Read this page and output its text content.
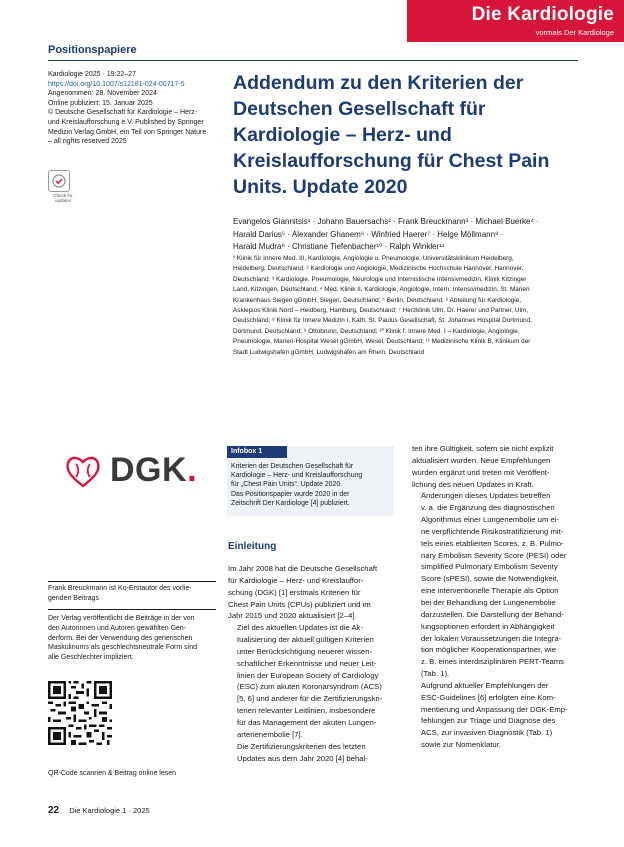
Die Kardiologie
vormals Der Kardiologe
Positionspapiere
Kardiologie 2025 · 19:22–27
https://doi.org/10.1007/s12181-024-00717-5
Angenommen: 28. November 2024
Online publiziert: 15. Januar 2025
© Deutsche Gesellschaft für Kardiologie – Herz-
und Kreislaufforschung e.V. Published by Springer
Medizin Verlag GmbH, ein Teil von Springer Nature
– all rights reserved 2025
Check for updates
Addendum zu den Kriterien der Deutschen Gesellschaft für Kardiologie – Herz- und Kreislaufforschung für Chest Pain Units. Update 2020
Evangelos Giannitsis¹ · Johann Bauersachs² · Frank Breuckmann³ · Michael Buerke⁴ ·
Harald Darius⁵ · Alexander Ghanem⁶ · Winfried Haerer⁷ · Helge Möllmann⁸ ·
Harald Mudra⁹ · Christiane Tiefenbacher¹⁰ · Ralph Winkler¹¹
¹ Klinik für Innere Med. III, Kardiologie, Angiologie u. Pneumologie, Universitätsklinikum Heidelberg,
Heidelberg, Deutschland; ² Kardiologie und Angiologie, Medizinische Hochschule Hannover, Hannover,
Deutschland; ³ Kardiologie, Pneumologie, Neurologie und Internistische Intensivmedizin, Klinik Kitzinger
Land, Kitzingen, Deutschland; ⁴ Med. Klinik II, Kardiologie, Angiologie, Intern. Intensivmedizin, St. Marien
Krankenhaus Siegen gGmbH, Siegen, Deutschland; ⁵ Berlin, Deutschland; ⁶ Abteilung für Kardiologie,
Asklepios Klinik Nord – Heidberg, Hamburg, Deutschland; ⁷ Herzklinik Ulm, Dr. Haerer und Partner, Ulm,
Deutschland; ⁸ Klinik für Innere Medizin I, Kath. St. Paulus Gesellschaft, St. Johannes Hospital Dortmund,
Dortmund, Deutschland; ⁹ Ottobrunn, Deutschland; ¹⁰ Klinik f. Innere Med. I – Kardiologie, Angiologie,
Pneumologie, Marien-Hospital Wesel gGmbH, Wesel, Deutschland; ¹¹ Medizinische Klinik B, Klinikum der
Stadt Ludwigshafen gGmbH, Ludwigshafen am Rhein, Deutschland
DGK.
Frank Breuckmann ist Ko-Erstautor des vorlie-
genden Beitrags
Der Verlag veröffentlicht die Beiträge in der von
den Autorinnen und Autoren gewählten Gen-
derform. Bei der Verwendung des generischen
Maskulinums als geschlechtsneutrale Form sind
alle Geschlechter impliziert.
QR-Code scannen & Beitrag online lesen
Infobox 1
Kriterien der Deutschen Gesellschaft für
Kardiologie – Herz- und Kreislaufforschung
für „Chest Pain Units“. Update 2020.
Das Positionspapier wurde 2020 in der
Zeitschrift Der Kardiologe [4] publiziert.
Einleitung

Im Jahr 2008 hat die Deutsche Gesellschaft
für Kardiologie – Herz- und Kreislauffor-
schung (DGK) [1] erstmals Kriterien für
Chest Pain Units (CPUs) publiziert und im
Jahr 2015 und 2020 aktualisiert [2–4].

Ziel des aktuellen Updates ist die Ak-
tualisierung der aktuell gültigen Kriterien
unter Berücksichtigung neuerer wissen-
schaftlicher Erkenntnisse und neuer Leit-
linien der European Society of Cardiology
(ESC) zum akuten Koronarsyndrom (ACS)
[5, 6] und anderer für die Zertifizierungskri-
terien relevanter Leitlinien, insbesondere
für das Management der akuten Lungen-
arterienembolie [7].

Die Zertifizierungskriterien des letzten
Updates aus dem Jahr 2020 [4] behal-

ten ihre Gültigkeit, sofern sie nicht explizit
aktualisiert wurden. Neue Empfehlungen
wurden ergänzt und treten mit Veröffent-
lichung des neuen Updates in Kraft.

Änderungen dieses Updates betreffen
v. a. die Ergänzung des diagnostischen
Algorithmus einer Lungenembolie um ei-
ne verpflichtende Risikostratifizierung mit-
tels eines etablierten Scores, z. B. Pulmo-
nary Embolism Severity Score (PESI) oder
simplified Pulmonary Embolism Severity
Score (sPESI), sowie die Notwendigkeit,
eine interventionelle Therapie als Option
bei der Behandlung der Lungenembolie
darzustellen. Die Darstellung der Behand-
lungsoptionen erfordert in Abhängigkeit
der lokalen Voraussetzungen die Integra-
tion möglicher Kooperationspartner, wie
z. B. eines interdisziplinären PERT-Teams
(Tab. 1).

Aufgrund aktueller Empfehlungen der
ESC-Guidelines [6] erfolgten eine Kom-
mentierung und Anpassung der DGK-Emp-
fehlungen zur Triage und Diagnose des
ACS, zur invasiven Diagnostik (Tab. 1)
sowie zur Nomenklatur.

22 Die Kardiologie 1 · 2025
